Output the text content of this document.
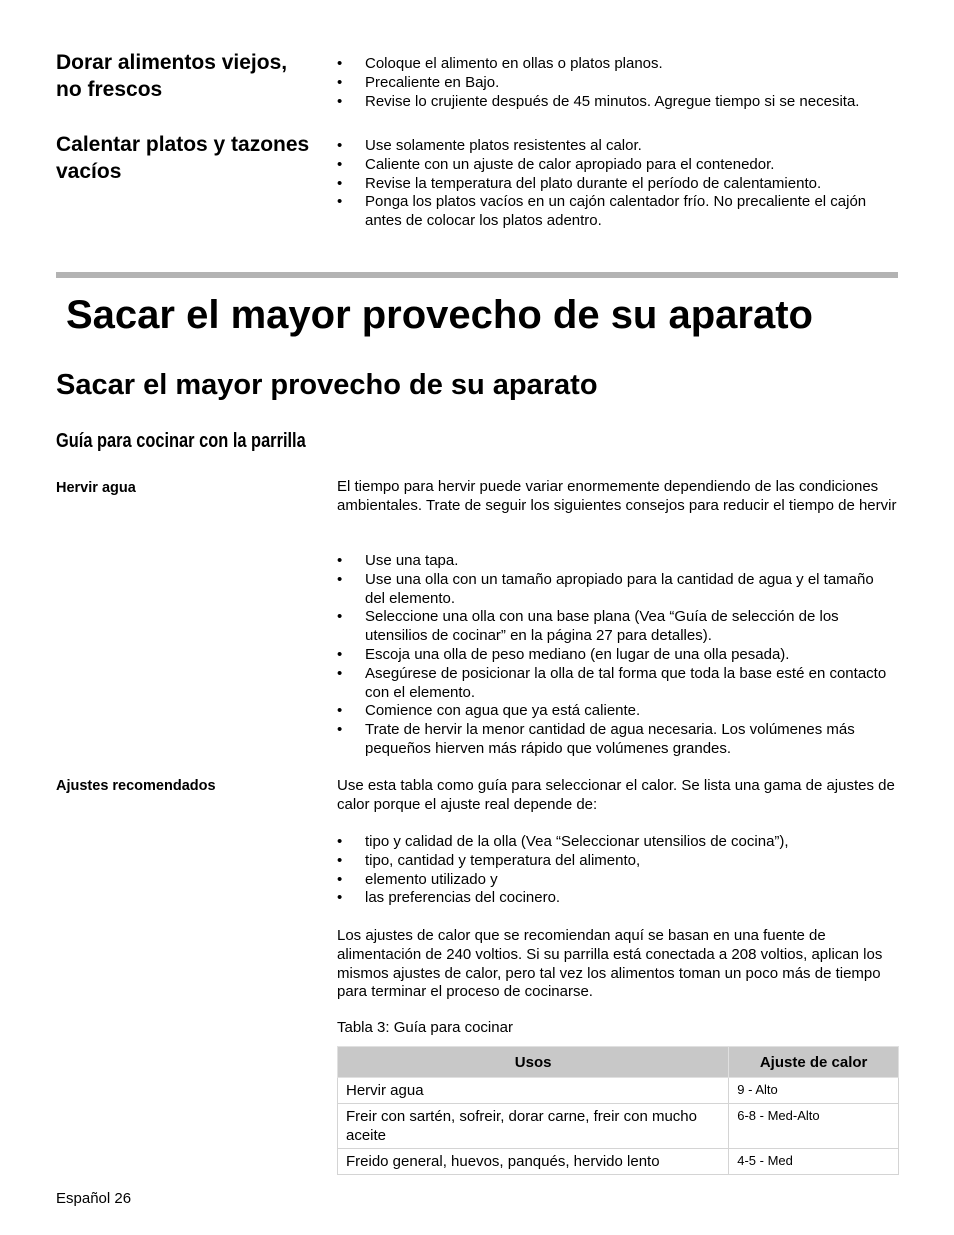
Dorar alimentos viejos,
no frescos
• Coloque el alimento en ollas o platos planos.
• Precaliente en Bajo.
• Revise lo crujiente después de 45 minutos. Agregue tiempo si se necesita.
Calentar platos y tazones
vacíos
• Use solamente platos resistentes al calor.
• Caliente con un ajuste de calor apropiado para el contenedor.
• Revise la temperatura del plato durante el período de calentamiento.
• Ponga los platos vacíos en un cajón calentador frío. No precaliente el cajón antes de colocar los platos adentro.
Sacar el mayor provecho de su aparato
Sacar el mayor provecho de su aparato
Guía para cocinar con la parrilla
Hervir agua	El tiempo para hervir puede variar enormemente dependiendo de las condiciones ambientales. Trate de seguir los siguientes consejos para reducir el tiempo de hervir
• Use una tapa.
• Use una olla con un tamaño apropiado para la cantidad de agua y el tamaño del elemento.
• Seleccione una olla con una base plana (Vea “Guía de selección de los utensilios de cocinar” en la página 27 para detalles).
• Escoja una olla de peso mediano (en lugar de una olla pesada).
• Asegúrese de posicionar la olla de tal forma que toda la base esté en contacto con el elemento.
• Comience con agua que ya está caliente.
• Trate de hervir la menor cantidad de agua necesaria. Los volúmenes más pequeños hierven más rápido que volúmenes grandes.
Ajustes recomendados	Use esta tabla como guía para seleccionar el calor. Se lista una gama de ajustes de calor porque el ajuste real depende de:
• tipo y calidad de la olla (Vea “Seleccionar utensilios de cocina”),
• tipo, cantidad y temperatura del alimento,
• elemento utilizado y
• las preferencias del cocinero.
Los ajustes de calor que se recomiendan aquí se basan en una fuente de alimentación de 240 voltios. Si su parrilla está conectada a 208 voltios, aplican los mismos ajustes de calor, pero tal vez los alimentos toman un poco más de tiempo para terminar el proceso de cocinarse.
Tabla 3: Guía para cocinar
Usos	Ajuste de calor
Hervir agua	9 - Alto
Freir con sartén, sofreir, dorar carne, freir con mucho aceite	6-8 - Med-Alto
Freido general, huevos, panqués, hervido lento	4-5 - Med
Español 26
